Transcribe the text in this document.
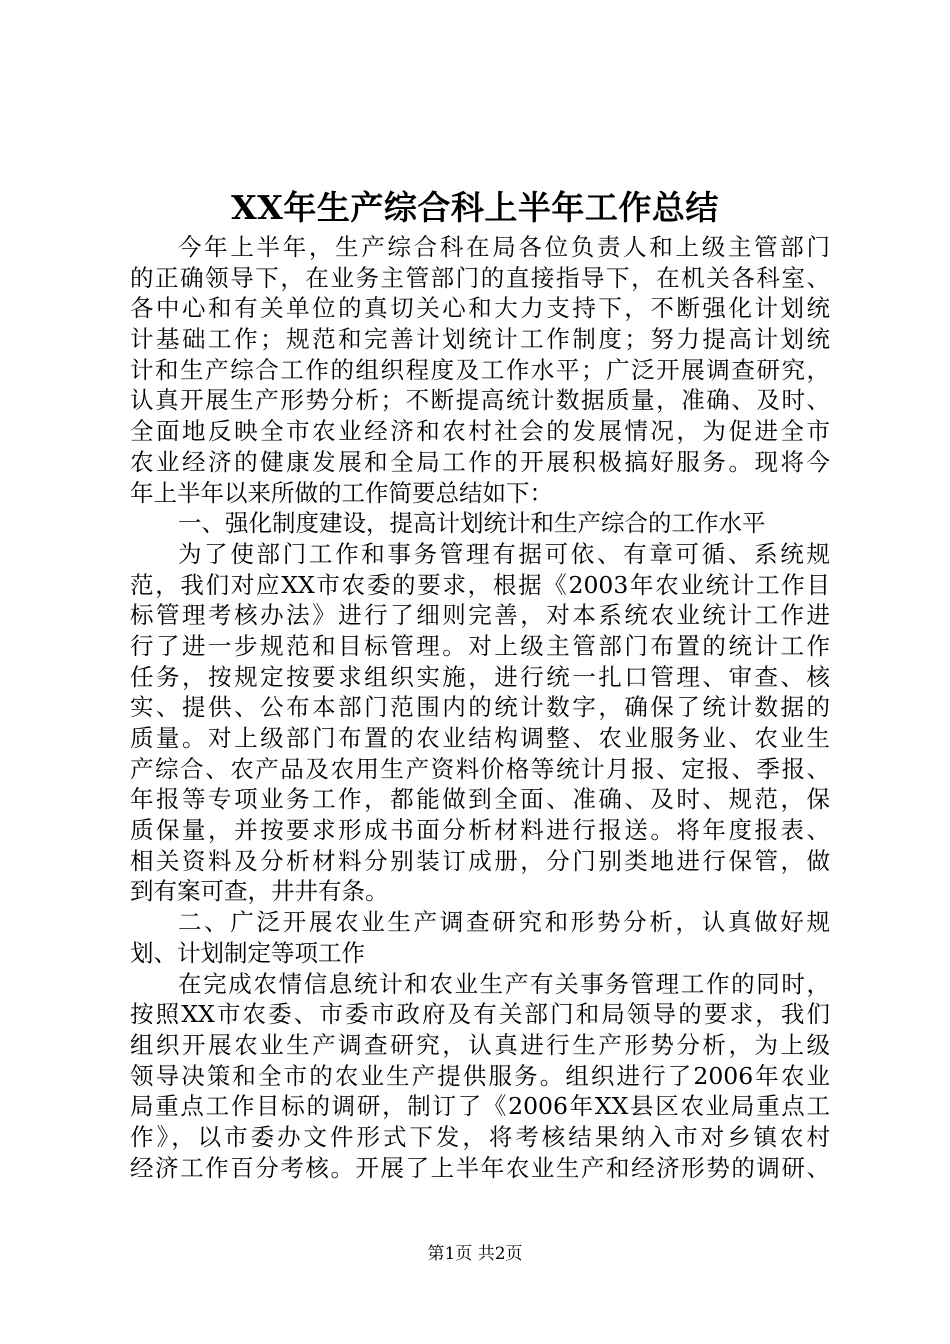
XX年生产综合科上半年工作总结
今年上半年，生产综合科在局各位负责人和上级主管部门
的正确领导下，在业务主管部门的直接指导下，在机关各科室、
各中心和有关单位的真切关心和大力支持下，不断强化计划统
计基础工作；规范和完善计划统计工作制度；努力提高计划统
计和生产综合工作的组织程度及工作水平；广泛开展调查研究，
认真开展生产形势分析；不断提高统计数据质量，准确、及时、
全面地反映全市农业经济和农村社会的发展情况，为促进全市
农业经济的健康发展和全局工作的开展积极搞好服务。现将今
年上半年以来所做的工作简要总结如下：
一、强化制度建设，提高计划统计和生产综合的工作水平
为了使部门工作和事务管理有据可依、有章可循、系统规
范，我们对应XX市农委的要求，根据《2003年农业统计工作目
标管理考核办法》进行了细则完善，对本系统农业统计工作进
行了进一步规范和目标管理。对上级主管部门布置的统计工作
任务，按规定按要求组织实施，进行统一扎口管理、审查、核
实、提供、公布本部门范围内的统计数字，确保了统计数据的
质量。对上级部门布置的农业结构调整、农业服务业、农业生
产综合、农产品及农用生产资料价格等统计月报、定报、季报、
年报等专项业务工作，都能做到全面、准确、及时、规范，保
质保量，并按要求形成书面分析材料进行报送。将年度报表、
相关资料及分析材料分别装订成册，分门别类地进行保管，做
到有案可查，井井有条。
二、广泛开展农业生产调查研究和形势分析，认真做好规
划、计划制定等项工作
在完成农情信息统计和农业生产有关事务管理工作的同时，
按照XX市农委、市委市政府及有关部门和局领导的要求，我们
组织开展农业生产调查研究，认真进行生产形势分析，为上级
领导决策和全市的农业生产提供服务。组织进行了2006年农业
局重点工作目标的调研，制订了《2006年XX县区农业局重点工
作》，以市委办文件形式下发，将考核结果纳入市对乡镇农村
经济工作百分考核。开展了上半年农业生产和经济形势的调研、
第1页 共2页
